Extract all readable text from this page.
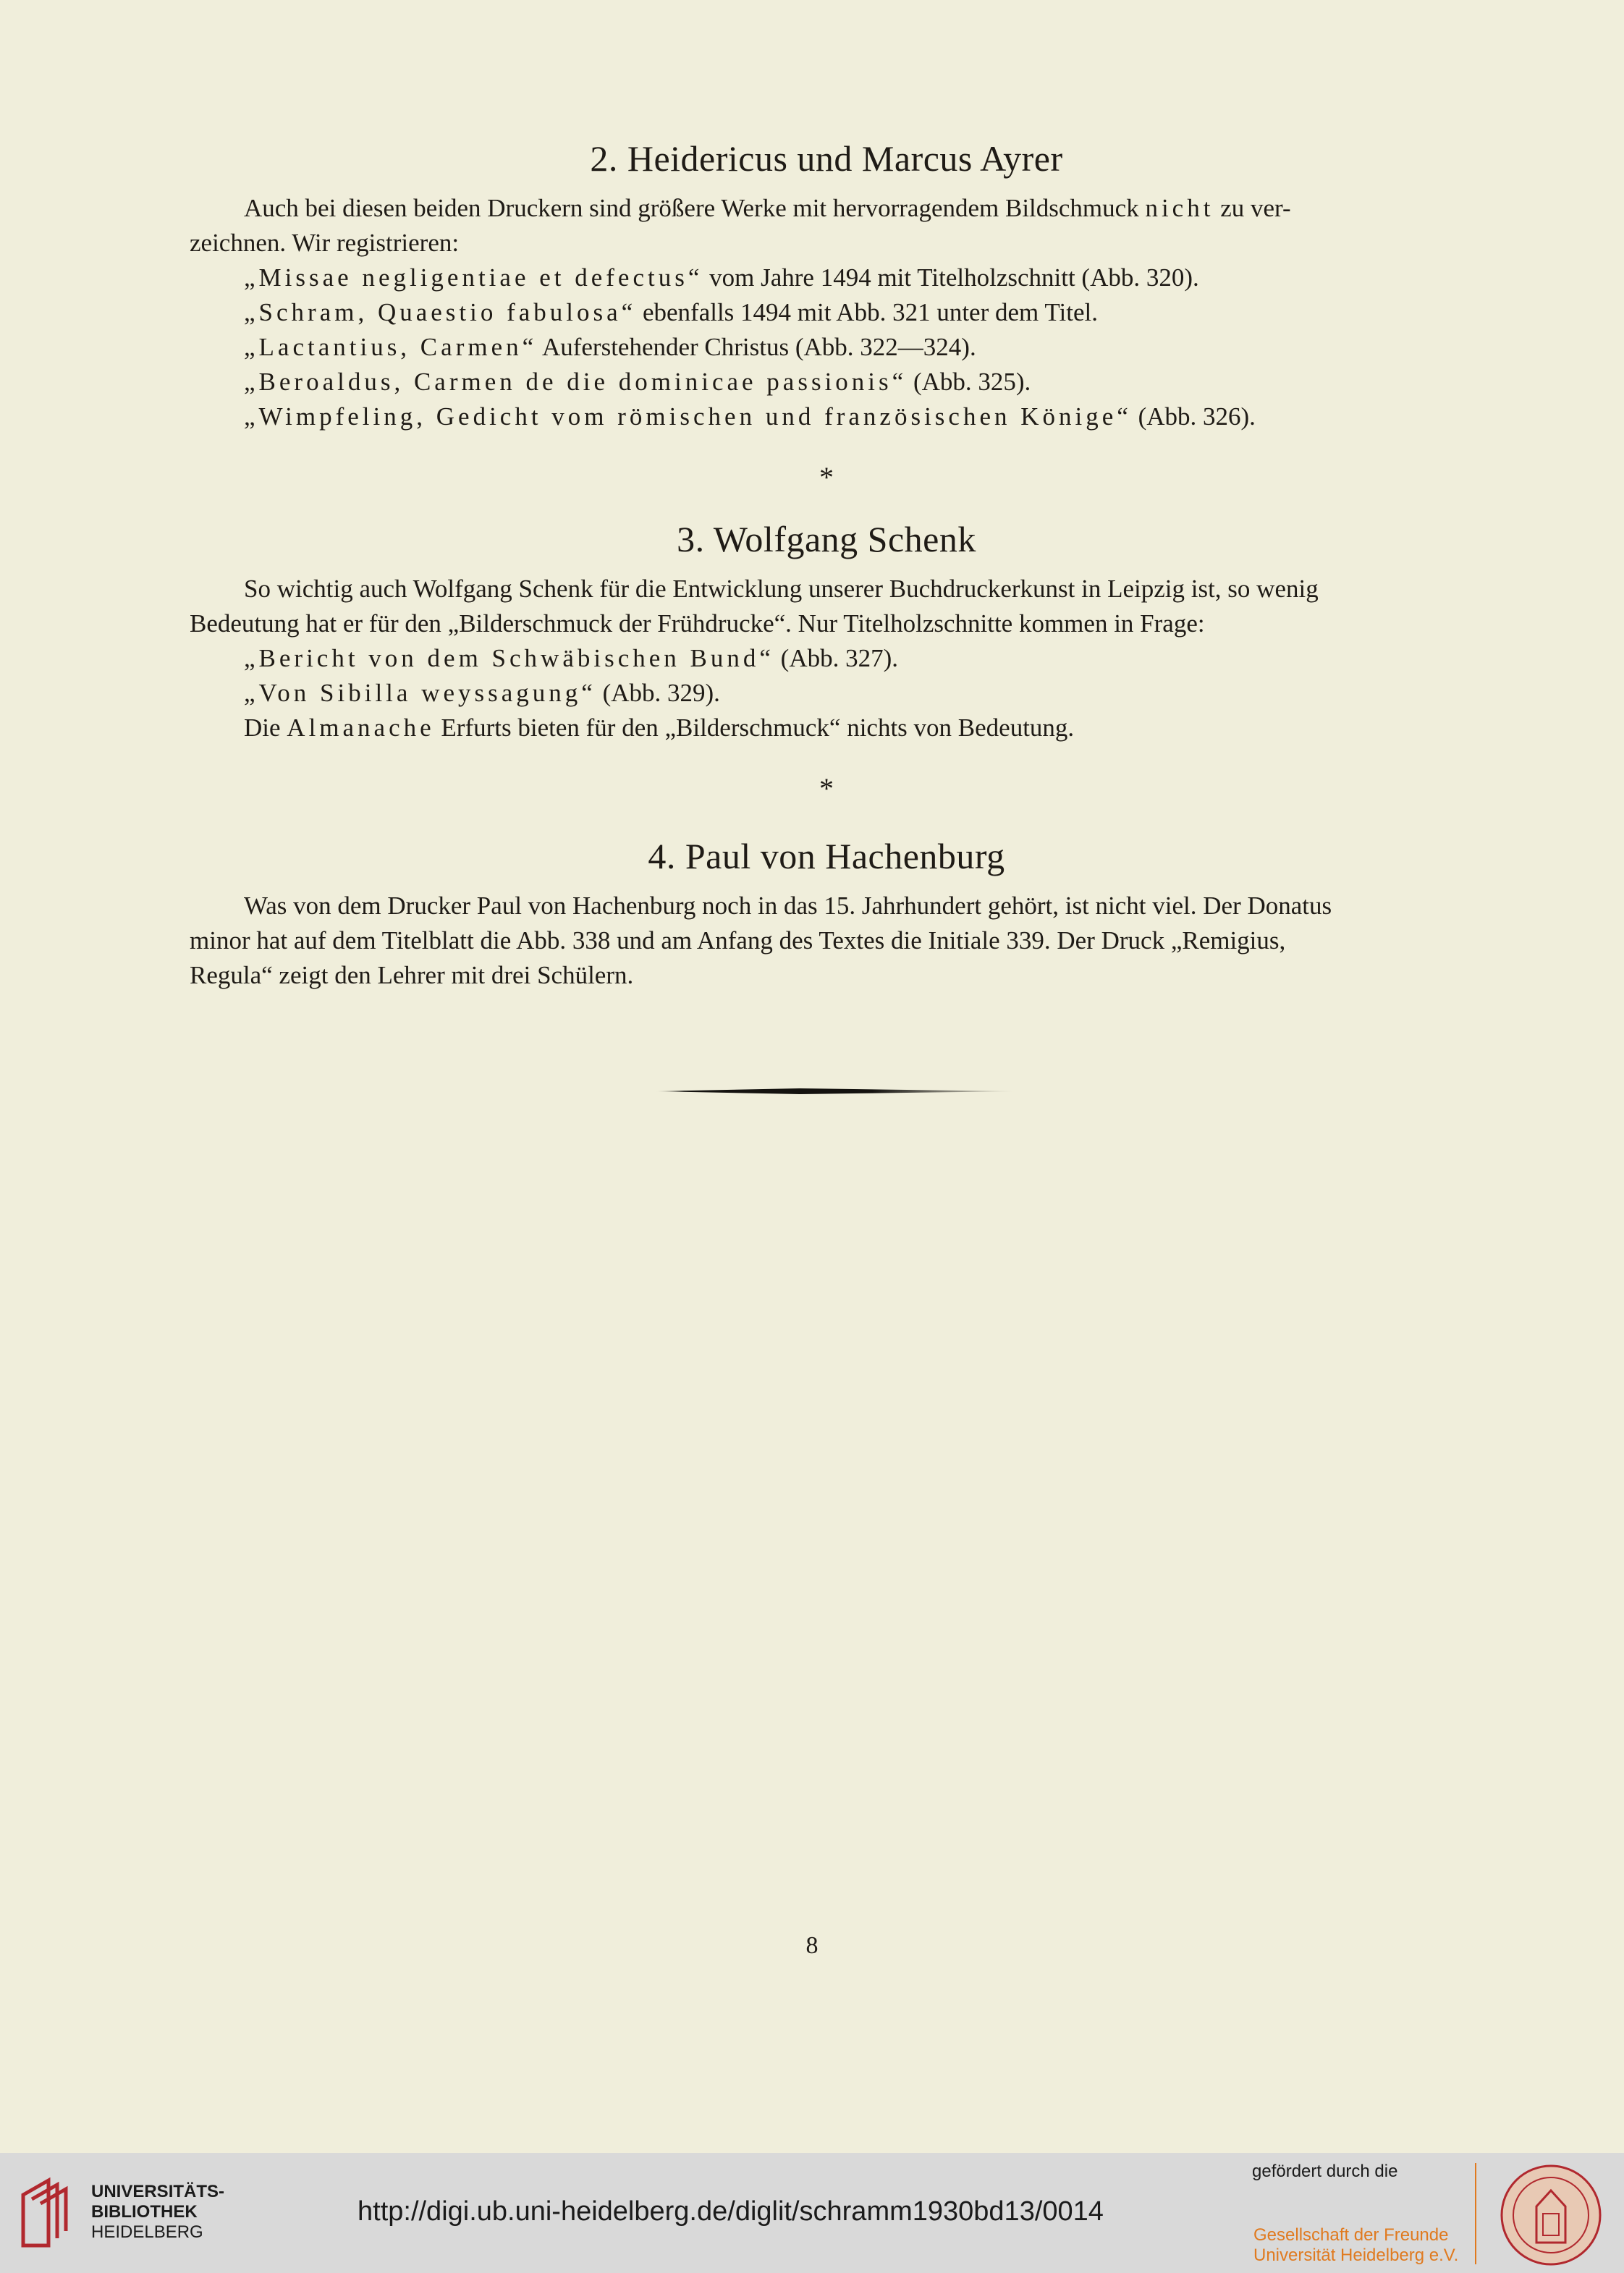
2. Heidericus und Marcus Ayrer

Auch bei diesen beiden Druckern sind größere Werke mit hervorragendem Bildschmuck nicht zu ver-

zeichnen. Wir registrieren:

„Missae negligentiae et defectus“ vom Jahre 1494 mit Titelholzschnitt (Abb. 320).

„Schram, Quaestio fabulosa“ ebenfalls 1494 mit Abb. 321 unter dem Titel.

„Lactantius, Carmen“ Auferstehender Christus (Abb. 322—324).

„Beroaldus, Carmen de die dominicae passionis“ (Abb. 325).

„Wimpfeling, Gedicht vom römischen und französischen Könige“ (Abb. 326).

*

3. Wolfgang Schenk

So wichtig auch Wolfgang Schenk für die Entwicklung unserer Buchdruckerkunst in Leipzig ist, so wenig

Bedeutung hat er für den „Bilderschmuck der Frühdrucke“. Nur Titelholzschnitte kommen in Frage:

„Bericht von dem Schwäbischen Bund“ (Abb. 327).

„Von Sibilla weyssagung“ (Abb. 329).

Die Almanache Erfurts bieten für den „Bilderschmuck“ nichts von Bedeutung.

*

4. Paul von Hachenburg

Was von dem Drucker Paul von Hachenburg noch in das 15. Jahrhundert gehört, ist nicht viel. Der Donatus

minor hat auf dem Titelblatt die Abb. 338 und am Anfang des Textes die Initiale 339. Der Druck „Remigius,

Regula“ zeigt den Lehrer mit drei Schülern.

8
UNIVERSITÄTS-
BIBLIOTHEK
HEIDELBERG
http://digi.ub.uni-heidelberg.de/diglit/schramm1930bd13/0014
gefördert durch die
Gesellschaft der Freunde
Universität Heidelberg e.V.
